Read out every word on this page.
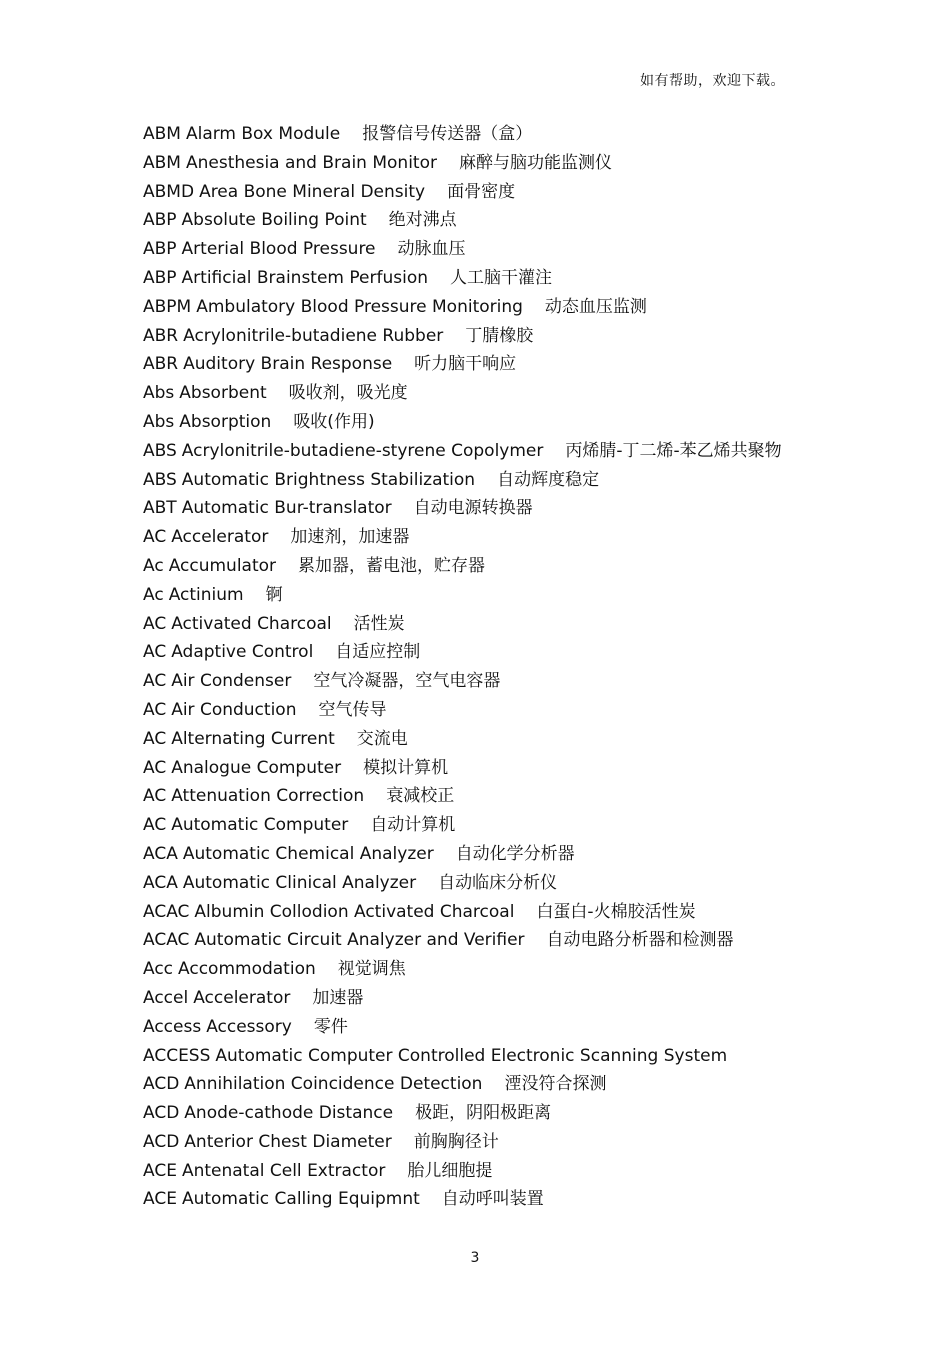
如有帮助，欢迎下载。
ABM Alarm Box Module 报警信号传送器（盒）
ABM Anesthesia and Brain Monitor 麻醉与脑功能监测仪
ABMD Area Bone Mineral Density 面骨密度
ABP Absolute Boiling Point 绝对沸点
ABP Arterial Blood Pressure 动脉血压
ABP Artificial Brainstem Perfusion 人工脑干灌注
ABPM Ambulatory Blood Pressure Monitoring 动态血压监测
ABR Acrylonitrile-butadiene Rubber 丁腈橡胶
ABR Auditory Brain Response 听力脑干响应
Abs Absorbent 吸收剂，吸光度
Abs Absorption 吸收(作用)
ABS Acrylonitrile-butadiene-styrene Copolymer 丙烯腈-丁二烯-苯乙烯共聚物
ABS Automatic Brightness Stabilization 自动辉度稳定
ABT Automatic Bur-translator 自动电源转换器
AC Accelerator 加速剂，加速器
Ac Accumulator 累加器，蓄电池，贮存器
Ac Actinium 锕
AC Activated Charcoal 活性炭
AC Adaptive Control 自适应控制
AC Air Condenser 空气冷凝器，空气电容器
AC Air Conduction 空气传导
AC Alternating Current 交流电
AC Analogue Computer 模拟计算机
AC Attenuation Correction 衰减校正
AC Automatic Computer 自动计算机
ACA Automatic Chemical Analyzer 自动化学分析器
ACA Automatic Clinical Analyzer 自动临床分析仪
ACAC Albumin Collodion Activated Charcoal 白蛋白-火棉胶活性炭
ACAC Automatic Circuit Analyzer and Verifier 自动电路分析器和检测器
Acc Accommodation 视觉调焦
Accel Accelerator 加速器
Access Accessory 零件
ACCESS Automatic Computer Controlled Electronic Scanning System
ACD Annihilation Coincidence Detection 湮没符合探测
ACD Anode-cathode Distance 极距，阴阳极距离
ACD Anterior Chest Diameter 前胸胸径计
ACE Antenatal Cell Extractor 胎儿细胞提
ACE Automatic Calling Equipmnt 自动呼叫装置
3
